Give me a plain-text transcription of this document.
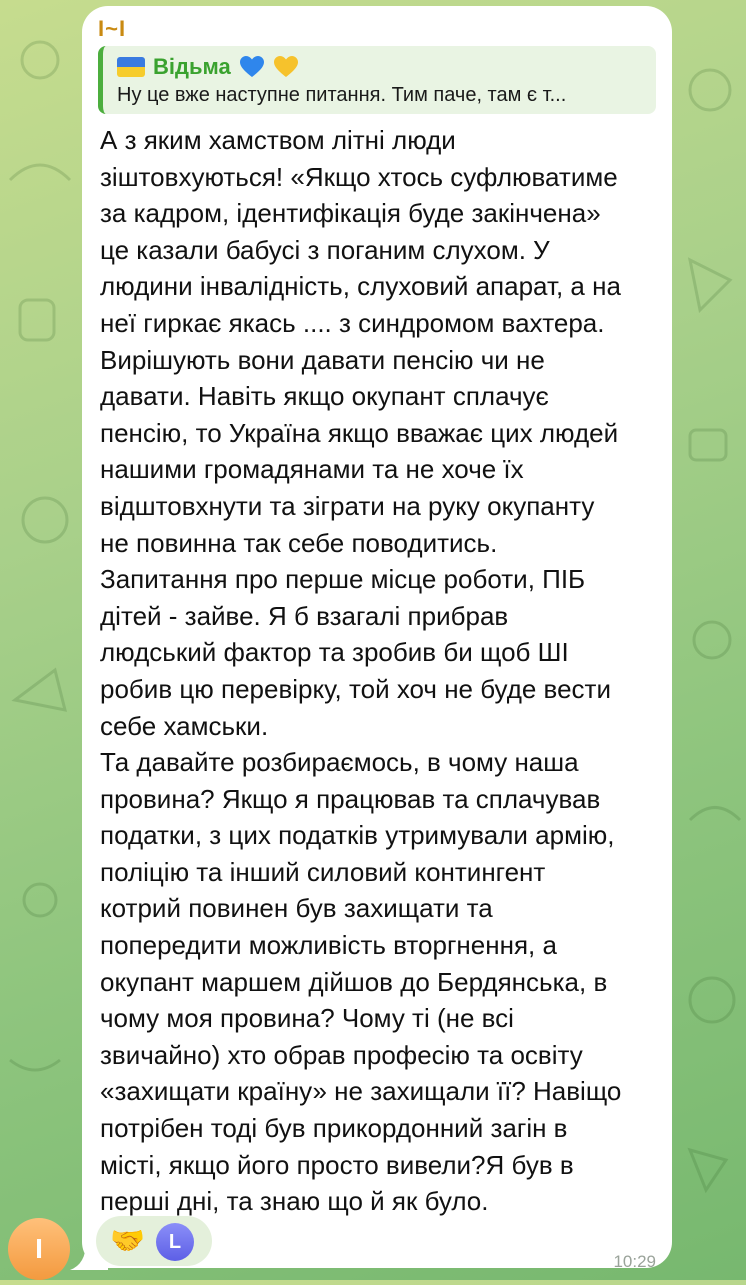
I
I~I
Відьма
Ну це вже наступне питання. Тим паче, там є т...
А з яким хамством літні люди
зіштовхуються! «Якщо хтось суфлюватиме
за кадром, ідентифікація буде закінчена»
це казали бабусі з поганим слухом. У
людини інвалідність, слуховий апарат, а на
неї гиркає якась .... з синдромом вахтера.
Вирішують вони давати пенсію чи не
давати. Навіть якщо окупант сплачує
пенсію, то Україна якщо вважає цих людей
нашими громадянами та не хоче їх
відштовхнути та зіграти на руку окупанту
не повинна так себе поводитись.
Запитання про перше місце роботи, ПІБ
дітей - зайве. Я б взагалі прибрав
людський фактор та зробив би щоб ШІ
робив цю перевірку, той хоч не буде вести
себе хамськи.
Та давайте розбираємось, в чому наша
провина? Якщо я працював та сплачував
податки, з цих податків утримували армію,
поліцію та інший силовий контингент
котрий повинен був захищати та
попередити можливість вторгнення, а
окупант маршем дійшов до Бердянська, в
чому моя провина? Чому ті (не всі
звичайно) хто обрав професію та освіту
«захищати країну» не захищали її? Навіщо
потрібен тоді був прикордонний загін в
місті, якщо його просто вивели?Я був в
перші дні, та знаю що й як було.
🤝	L
10:29
